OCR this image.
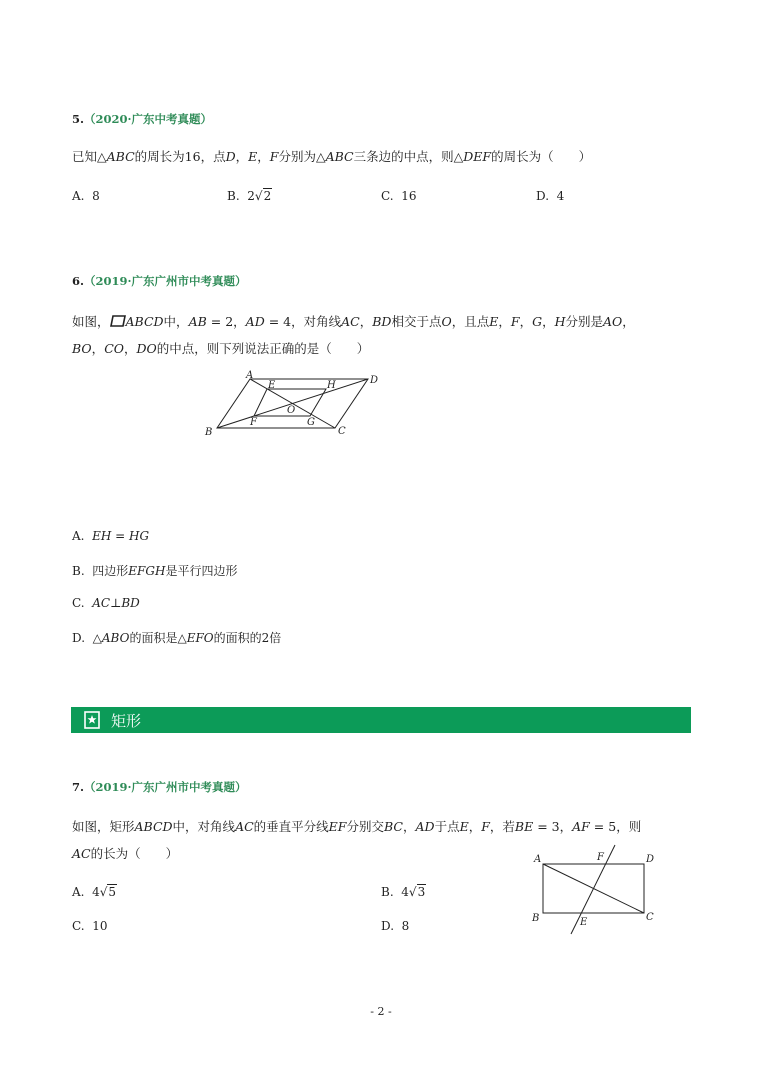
5.（2020·广东中考真题）
已知△ABC的周长为16，点D，E，F分别为△ABC三条边的中点，则△DEF的周长为（　　）
A. 8	B. 2√2	C. 16	D. 4
6.（2019·广东广州市中考真题）
如图， ABCD中，AB = 2，AD = 4，对角线AC，BD相交于点O，且点E，F，G，H分别是AO，
BO，CO，DO的中点，则下列说法正确的是（　　）
A	D
B	C
E	H
F	G
O
A. EH = HG
B. 四边形EFGH是平行四边形
C. AC⊥BD
D. △ABO的面积是△EFO的面积的2倍
矩形
7.（2019·广东广州市中考真题）
如图，矩形ABCD中，对角线AC的垂直平分线EF分别交BC，AD于点E，F，若BE = 3，AF = 5，则
AC的长为（　　）
A. 4√5	B. 4√3
C. 10	D. 8
A	D
B	C
F
E
- 2 -
